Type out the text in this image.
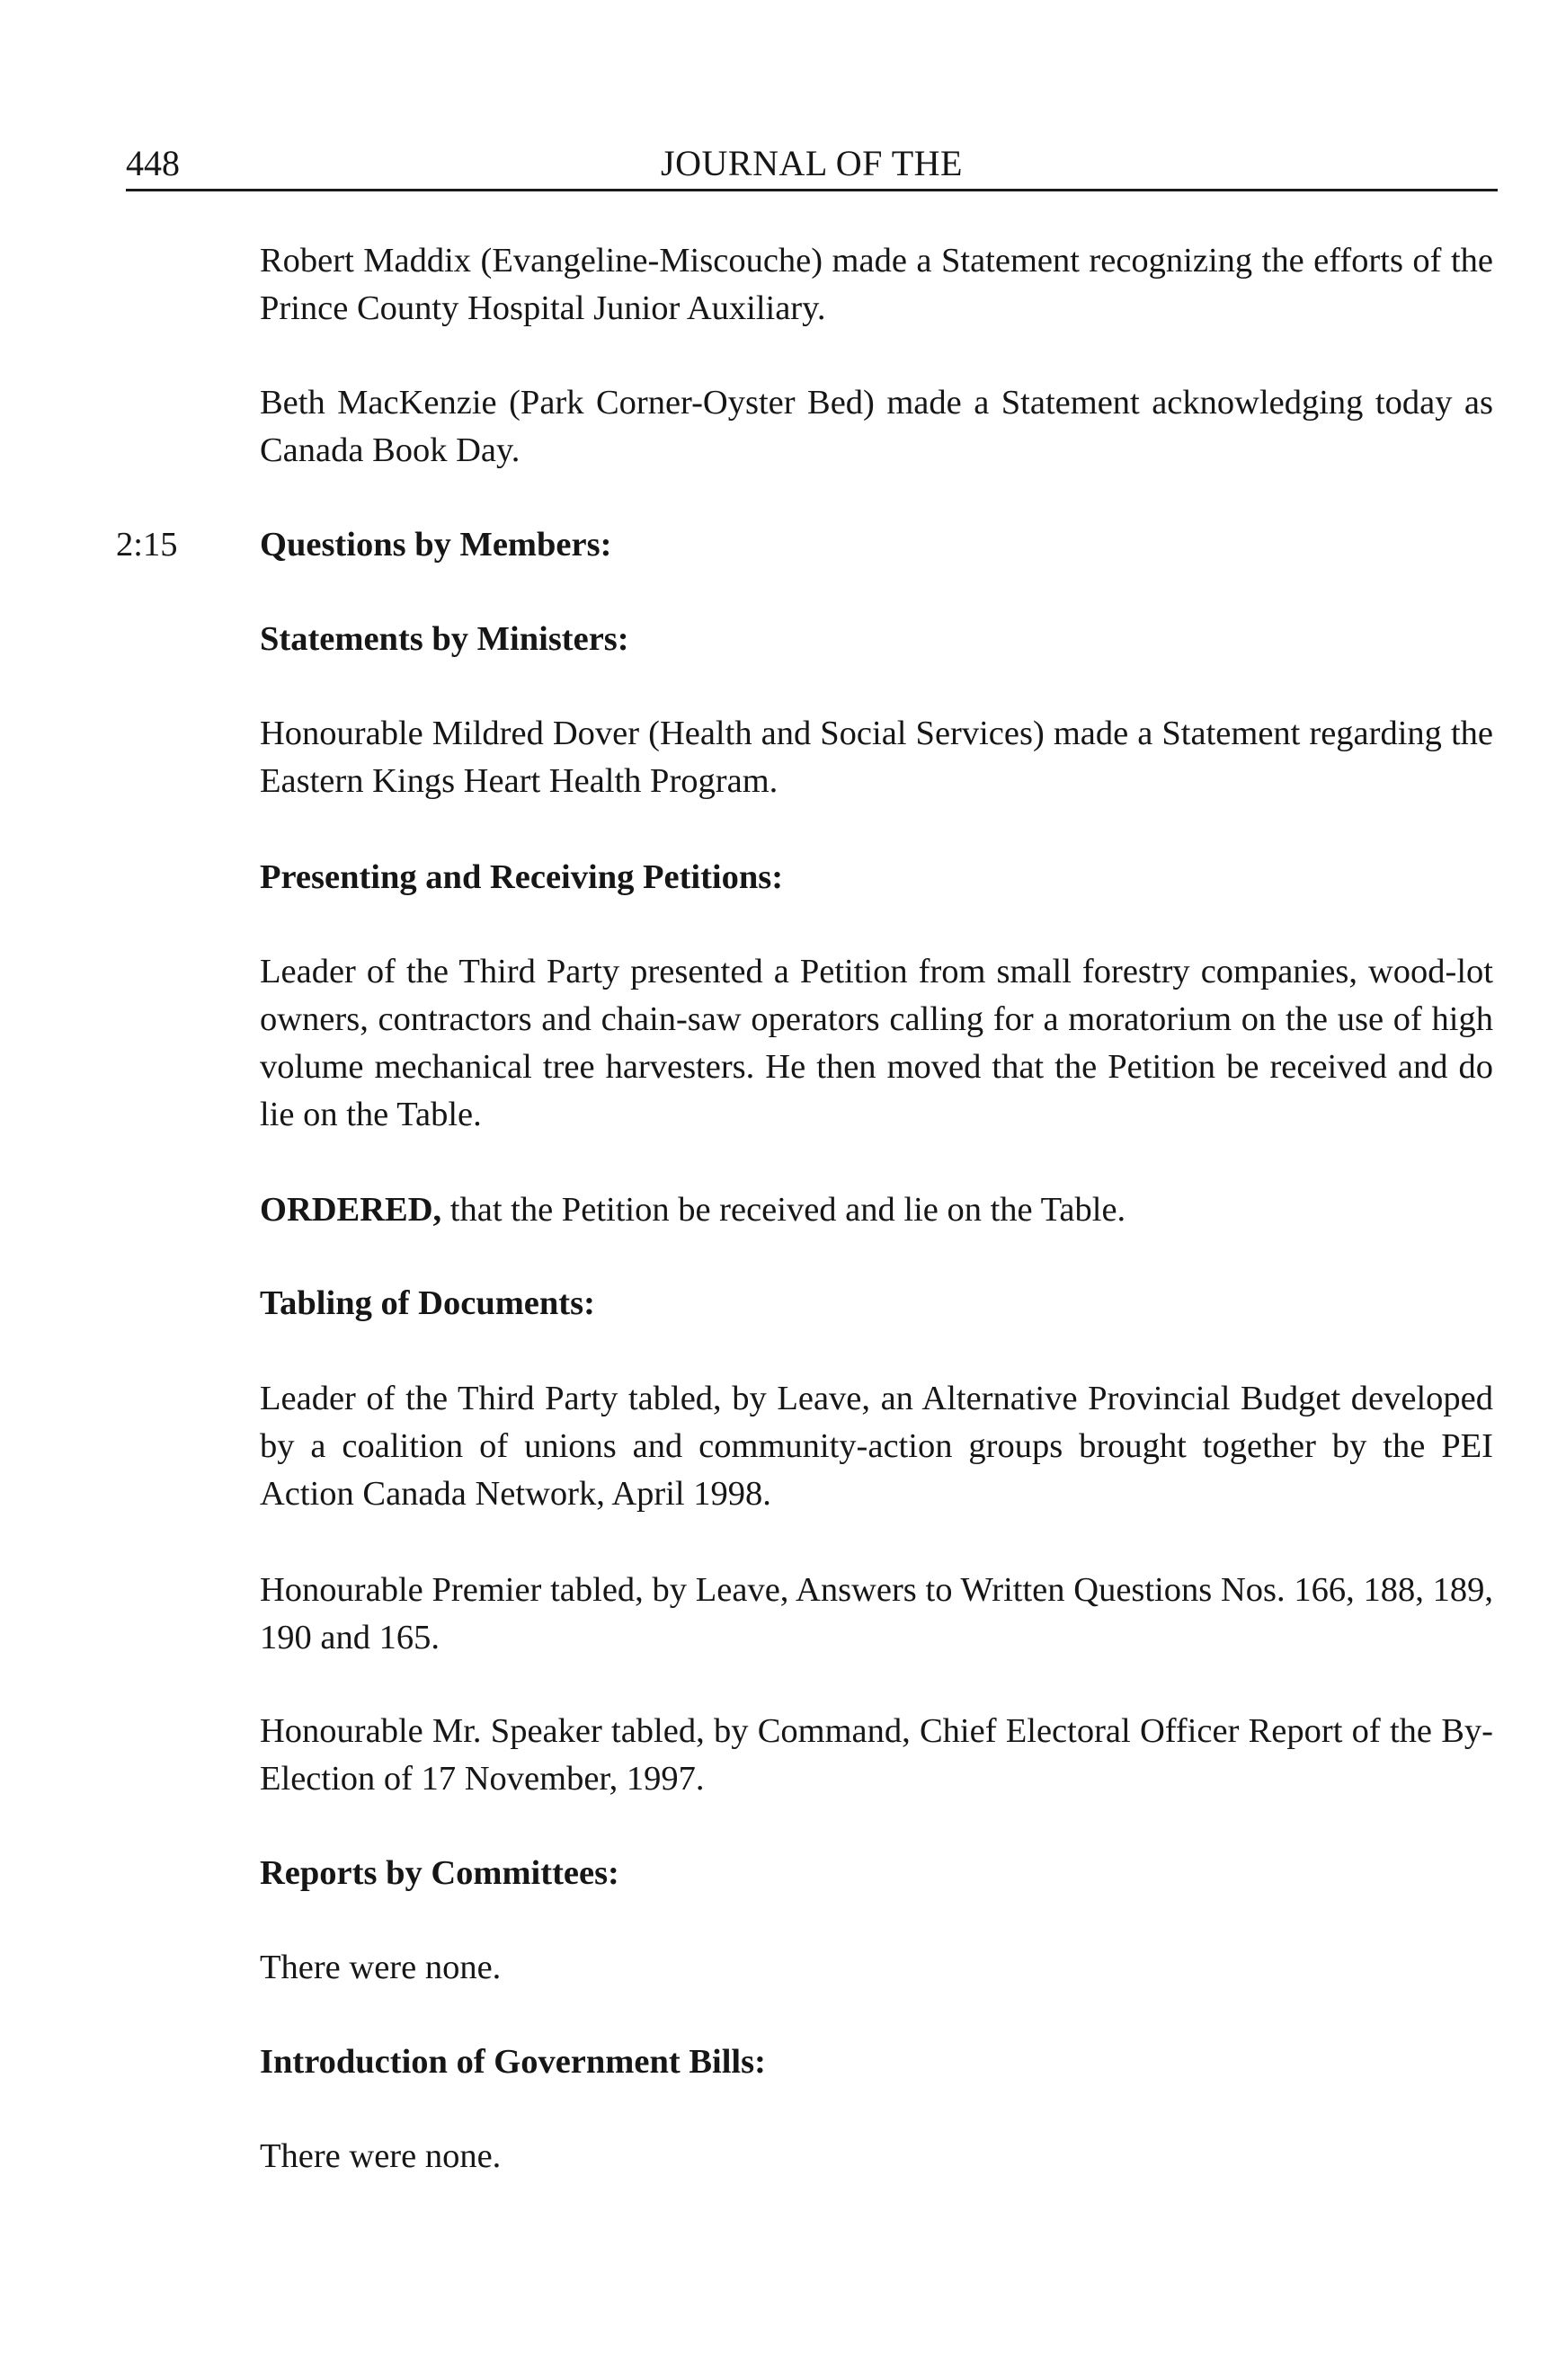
448	JOURNAL OF THE

Robert Maddix (Evangeline-Miscouche) made a Statement recognizing the efforts of the Prince County Hospital Junior Auxiliary.

Beth MacKenzie (Park Corner-Oyster Bed) made a Statement acknowledging today as Canada Book Day.

2:15 Questions by Members:

Statements by Ministers:

Honourable Mildred Dover (Health and Social Services) made a Statement regarding the Eastern Kings Heart Health Program.

Presenting and Receiving Petitions:

Leader of the Third Party presented a Petition from small forestry companies, wood-lot owners, contractors and chain-saw operators calling for a moratorium on the use of high volume mechanical tree harvesters. He then moved that the Petition be received and do lie on the Table.

ORDERED, that the Petition be received and lie on the Table.

Tabling of Documents:

Leader of the Third Party tabled, by Leave, an Alternative Provincial Budget developed by a coalition of unions and community-action groups brought together by the PEI Action Canada Network, April 1998.

Honourable Premier tabled, by Leave, Answers to Written Questions Nos. 166, 188, 189, 190 and 165.

Honourable Mr. Speaker tabled, by Command, Chief Electoral Officer Report of the By-Election of 17 November, 1997.

Reports by Committees:

There were none.

Introduction of Government Bills:

There were none.
